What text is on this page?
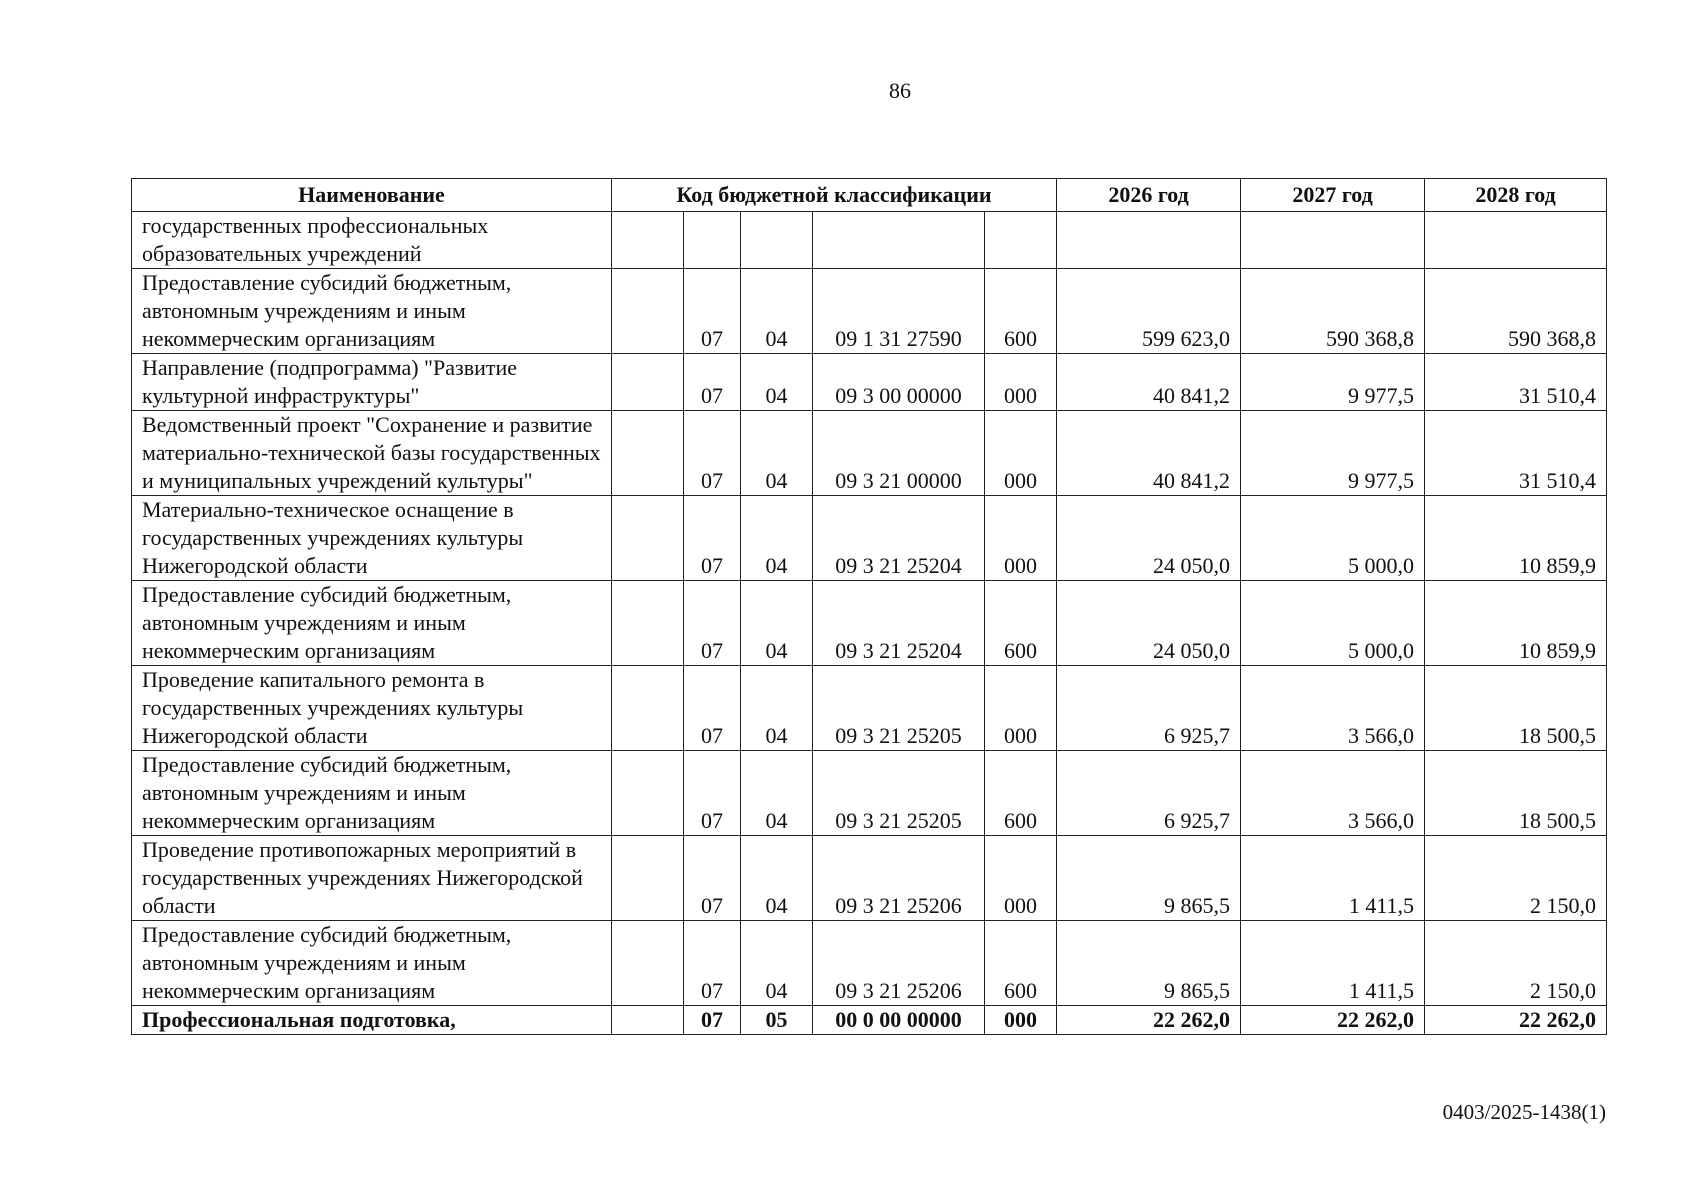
86
Наименование	Код бюджетной классификации					2026 год	2027 год	2028 год
государственных профессиональных образовательных учреждений								
Предоставление субсидий бюджетным, автономным учреждениям и иным некоммерческим организациям		07	04	09 1 31 27590	600	599 623,0	590 368,8	590 368,8
Направление (подпрограмма) "Развитие культурной инфраструктуры"		07	04	09 3 00 00000	000	40 841,2	9 977,5	31 510,4
Ведомственный проект "Сохранение и развитие материально-технической базы государственных и муниципальных учреждений культуры"		07	04	09 3 21 00000	000	40 841,2	9 977,5	31 510,4
Материально-техническое оснащение в государственных учреждениях культуры Нижегородской области		07	04	09 3 21 25204	000	24 050,0	5 000,0	10 859,9
Предоставление субсидий бюджетным, автономным учреждениям и иным некоммерческим организациям		07	04	09 3 21 25204	600	24 050,0	5 000,0	10 859,9
Проведение капитального ремонта в государственных учреждениях культуры Нижегородской области		07	04	09 3 21 25205	000	6 925,7	3 566,0	18 500,5
Предоставление субсидий бюджетным, автономным учреждениям и иным некоммерческим организациям		07	04	09 3 21 25205	600	6 925,7	3 566,0	18 500,5
Проведение противопожарных мероприятий в государственных учреждениях Нижегородской области		07	04	09 3 21 25206	000	9 865,5	1 411,5	2 150,0
Предоставление субсидий бюджетным, автономным учреждениям и иным некоммерческим организациям		07	04	09 3 21 25206	600	9 865,5	1 411,5	2 150,0
Профессиональная подготовка,		07	05	00 0 00 00000	000	22 262,0	22 262,0	22 262,0
0403/2025-1438(1)
